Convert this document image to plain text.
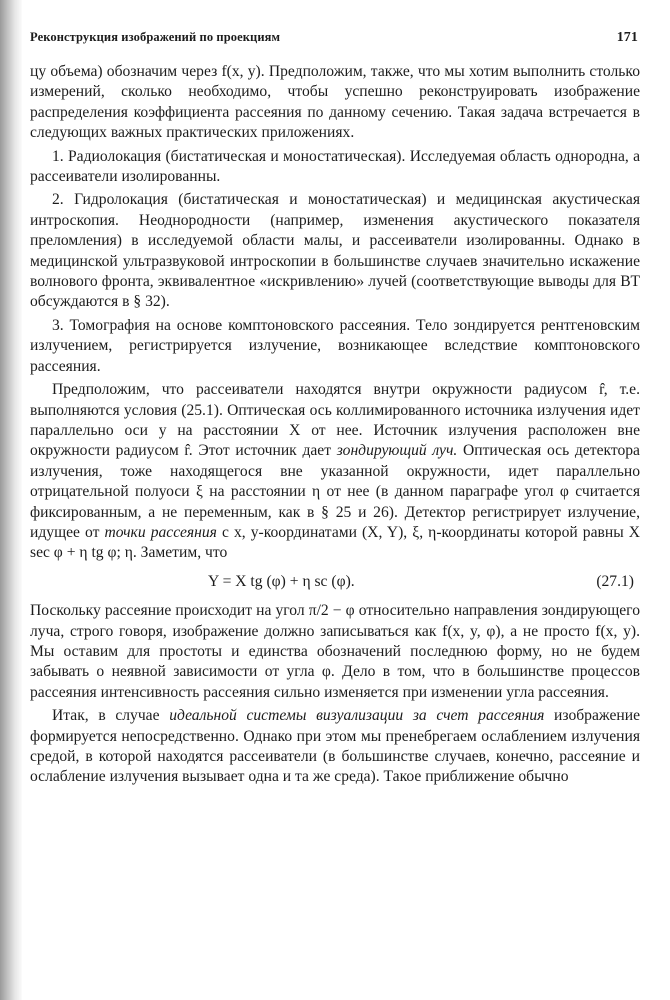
Реконструкция изображений по проекциям	171

цу объема) обозначим через f(x, y). Предположим, также, что мы хотим выполнить столько измерений, сколько необходимо, чтобы успешно реконструировать изображение распределения коэффициента рассеяния по данному сечению. Такая задача встречается в следующих важных практических приложениях.

1. Радиолокация (бистатическая и моностатическая). Исследуемая область однородна, а рассеиватели изолированны.

2. Гидролокация (бистатическая и моностатическая) и медицинская акустическая интроскопия. Неоднородности (например, изменения акустического показателя преломления) в исследуемой области малы, и рассеиватели изолированны. Однако в медицинской ультразвуковой интроскопии в большинстве случаев значительно искажение волнового фронта, эквивалентное «искривлению» лучей (соответствующие выводы для ВТ обсуждаются в § 32).

3. Томография на основе комптоновского рассеяния. Тело зондируется рентгеновским излучением, регистрируется излучение, возникающее вследствие комптоновского рассеяния.

Предположим, что рассеиватели находятся внутри окружности радиусом r̂, т.е. выполняются условия (25.1). Оптическая ось коллимированного источника излучения идет параллельно оси y на расстоянии X от нее. Источник излучения расположен вне окружности радиусом r̂. Этот источник дает зондирующий луч. Оптическая ось детектора излучения, тоже находящегося вне указанной окружности, идет параллельно отрицательной полуоси ξ на расстоянии η от нее (в данном параграфе угол φ считается фиксированным, а не переменным, как в § 25 и 26). Детектор регистрирует излучение, идущее от точки рассеяния с x, y-координатами (X, Y), ξ, η-координаты которой равны X sec φ + η tg φ; η. Заметим, что

Y = X tg (φ) + η sc (φ).	(27.1)

Поскольку рассеяние происходит на угол π/2 − φ относительно направления зондирующего луча, строго говоря, изображение должно записываться как f(x, y, φ), а не просто f(x, y). Мы оставим для простоты и единства обозначений последнюю форму, но не будем забывать о неявной зависимости от угла φ. Дело в том, что в большинстве процессов рассеяния интенсивность рассеяния сильно изменяется при изменении угла рассеяния.

Итак, в случае идеальной системы визуализации за счет рассеяния изображение формируется непосредственно. Однако при этом мы пренебрегаем ослаблением излучения средой, в которой находятся рассеиватели (в большинстве случаев, конечно, рассеяние и ослабление излучения вызывает одна и та же среда). Такое приближение обычно
